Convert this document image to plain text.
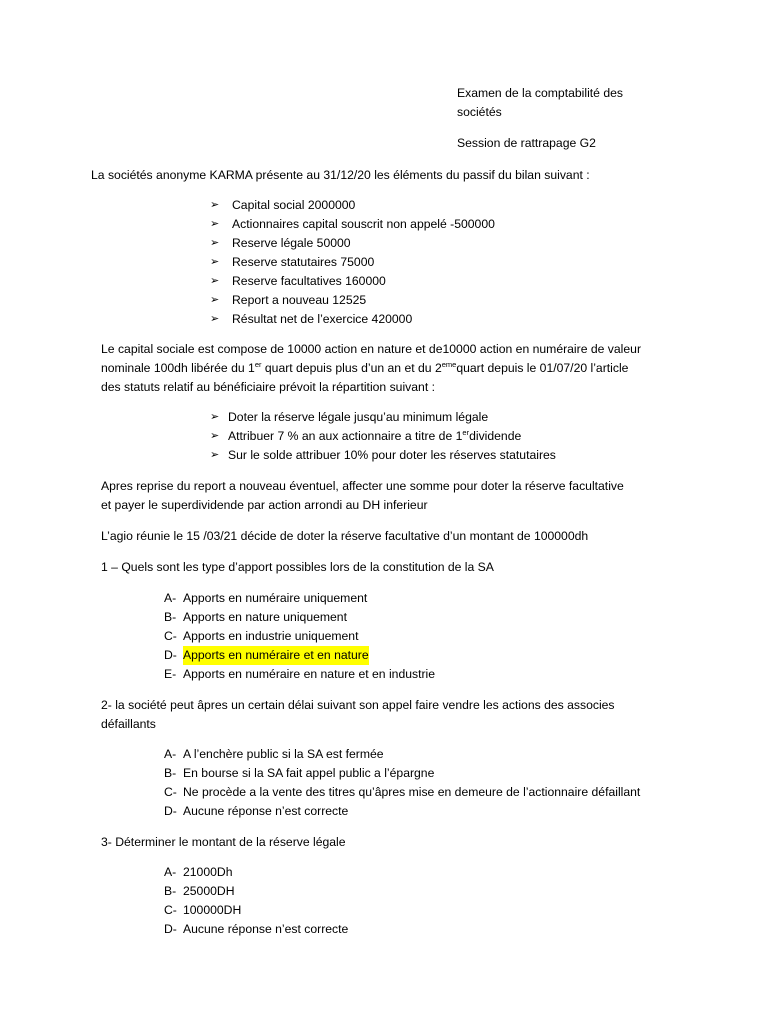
Examen de la comptabilité des
sociétés
Session de rattrapage G2
La sociétés anonyme KARMA présente au 31/12/20 les éléments du passif du bilan suivant :
➢ Capital social 2000000
➢ Actionnaires capital souscrit non appelé -500000
➢ Reserve légale 50000
➢ Reserve statutaires 75000
➢ Reserve facultatives 160000
➢ Report a nouveau 12525
➢ Résultat net de l’exercice 420000
Le capital sociale est compose de 10000 action en nature et de10000 action en numéraire de valeur
nominale 100dh libérée du 1er quart depuis plus d’un an et du 2emequart depuis le 01/07/20 l’article
des statuts relatif au bénéficiaire prévoit la répartition suivant :
➢ Doter la réserve légale jusqu’au minimum légale
➢ Attribuer 7 % an aux actionnaire a titre de 1erdividende
➢ Sur le solde attribuer 10% pour doter les réserves statutaires
Apres reprise du report a nouveau éventuel, affecter une somme pour doter la réserve facultative
et payer le superdividende par action arrondi au DH inferieur
L’agio réunie le 15 /03/21 décide de doter la réserve facultative d’un montant de 100000dh
1 – Quels sont les type d’apport possibles lors de la constitution de la SA
A- Apports en numéraire uniquement
B- Apports en nature uniquement
C- Apports en industrie uniquement
D- Apports en numéraire et en nature
E- Apports en numéraire en nature et en industrie
2- la société peut âpres un certain délai suivant son appel faire vendre les actions des associes
défaillants
A- A l’enchère public si la SA est fermée
B- En bourse si la SA fait appel public a l’épargne
C- Ne procède a la vente des titres qu’âpres mise en demeure de l’actionnaire défaillant
D- Aucune réponse n’est correcte
3- Déterminer le montant de la réserve légale
A- 21000Dh
B- 25000DH
C- 100000DH
D- Aucune réponse n’est correcte
